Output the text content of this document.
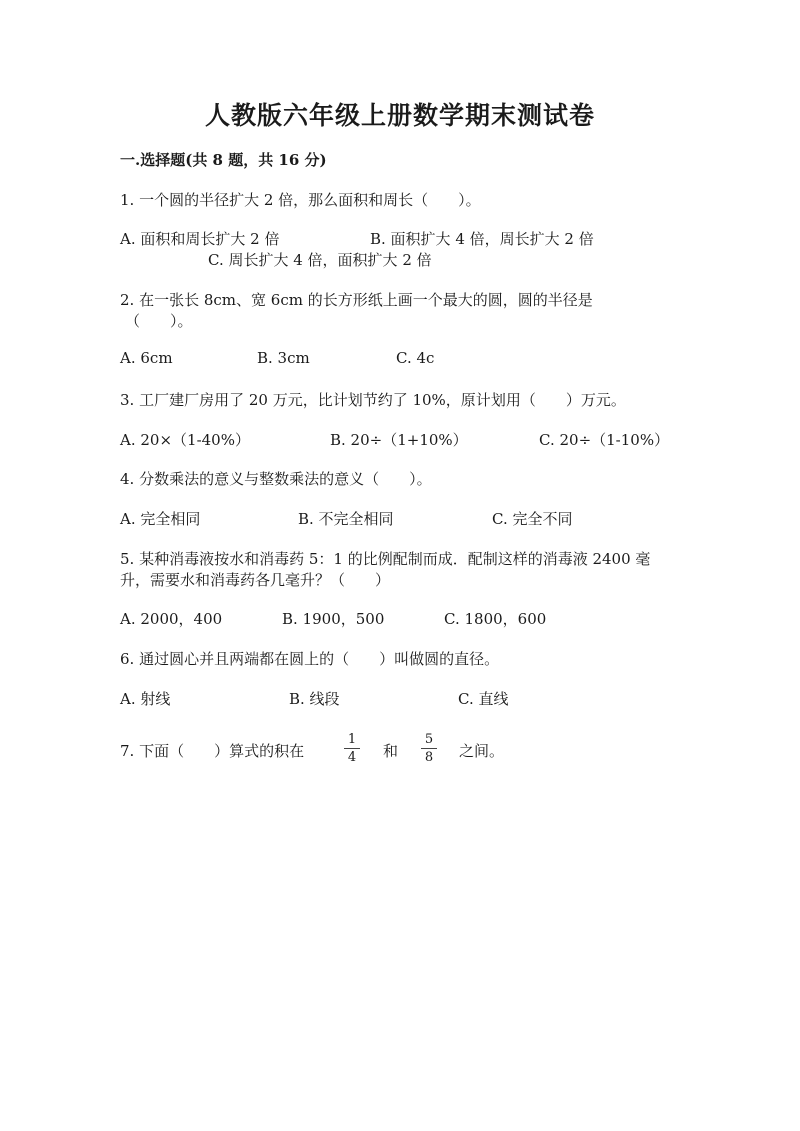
人教版六年级上册数学期末测试卷
一.选择题(共 8 题，共 16 分)
1. 一个圆的半径扩大 2 倍，那么面积和周长（　　）。
A. 面积和周长扩大 2 倍	B. 面积扩大 4 倍，周长扩大 2 倍
C. 周长扩大 4 倍，面积扩大 2 倍
2. 在一张长 8cm、宽 6cm 的长方形纸上画一个最大的圆，圆的半径是
（　　）。
A. 6cm	B. 3cm	C. 4c
3. 工厂建厂房用了 20 万元，比计划节约了 10%，原计划用（　　）万元。
A. 20×（1-40%）	B. 20÷（1+10%）	C. 20÷（1-10%）
4. 分数乘法的意义与整数乘法的意义（　　）。
A. 完全相同	B. 不完全相同	C. 完全不同
5. 某种消毒液按水和消毒药 5：1 的比例配制而成．配制这样的消毒液 2400 毫
升，需要水和消毒药各几毫升？（　　）
A. 2000，400	B. 1900，500	C. 1800，600
6. 通过圆心并且两端都在圆上的（　　）叫做圆的直径。
A. 射线	B. 线段	C. 直线
7. 下面（　　）算式的积在
1
4	和
5
8	之间。
